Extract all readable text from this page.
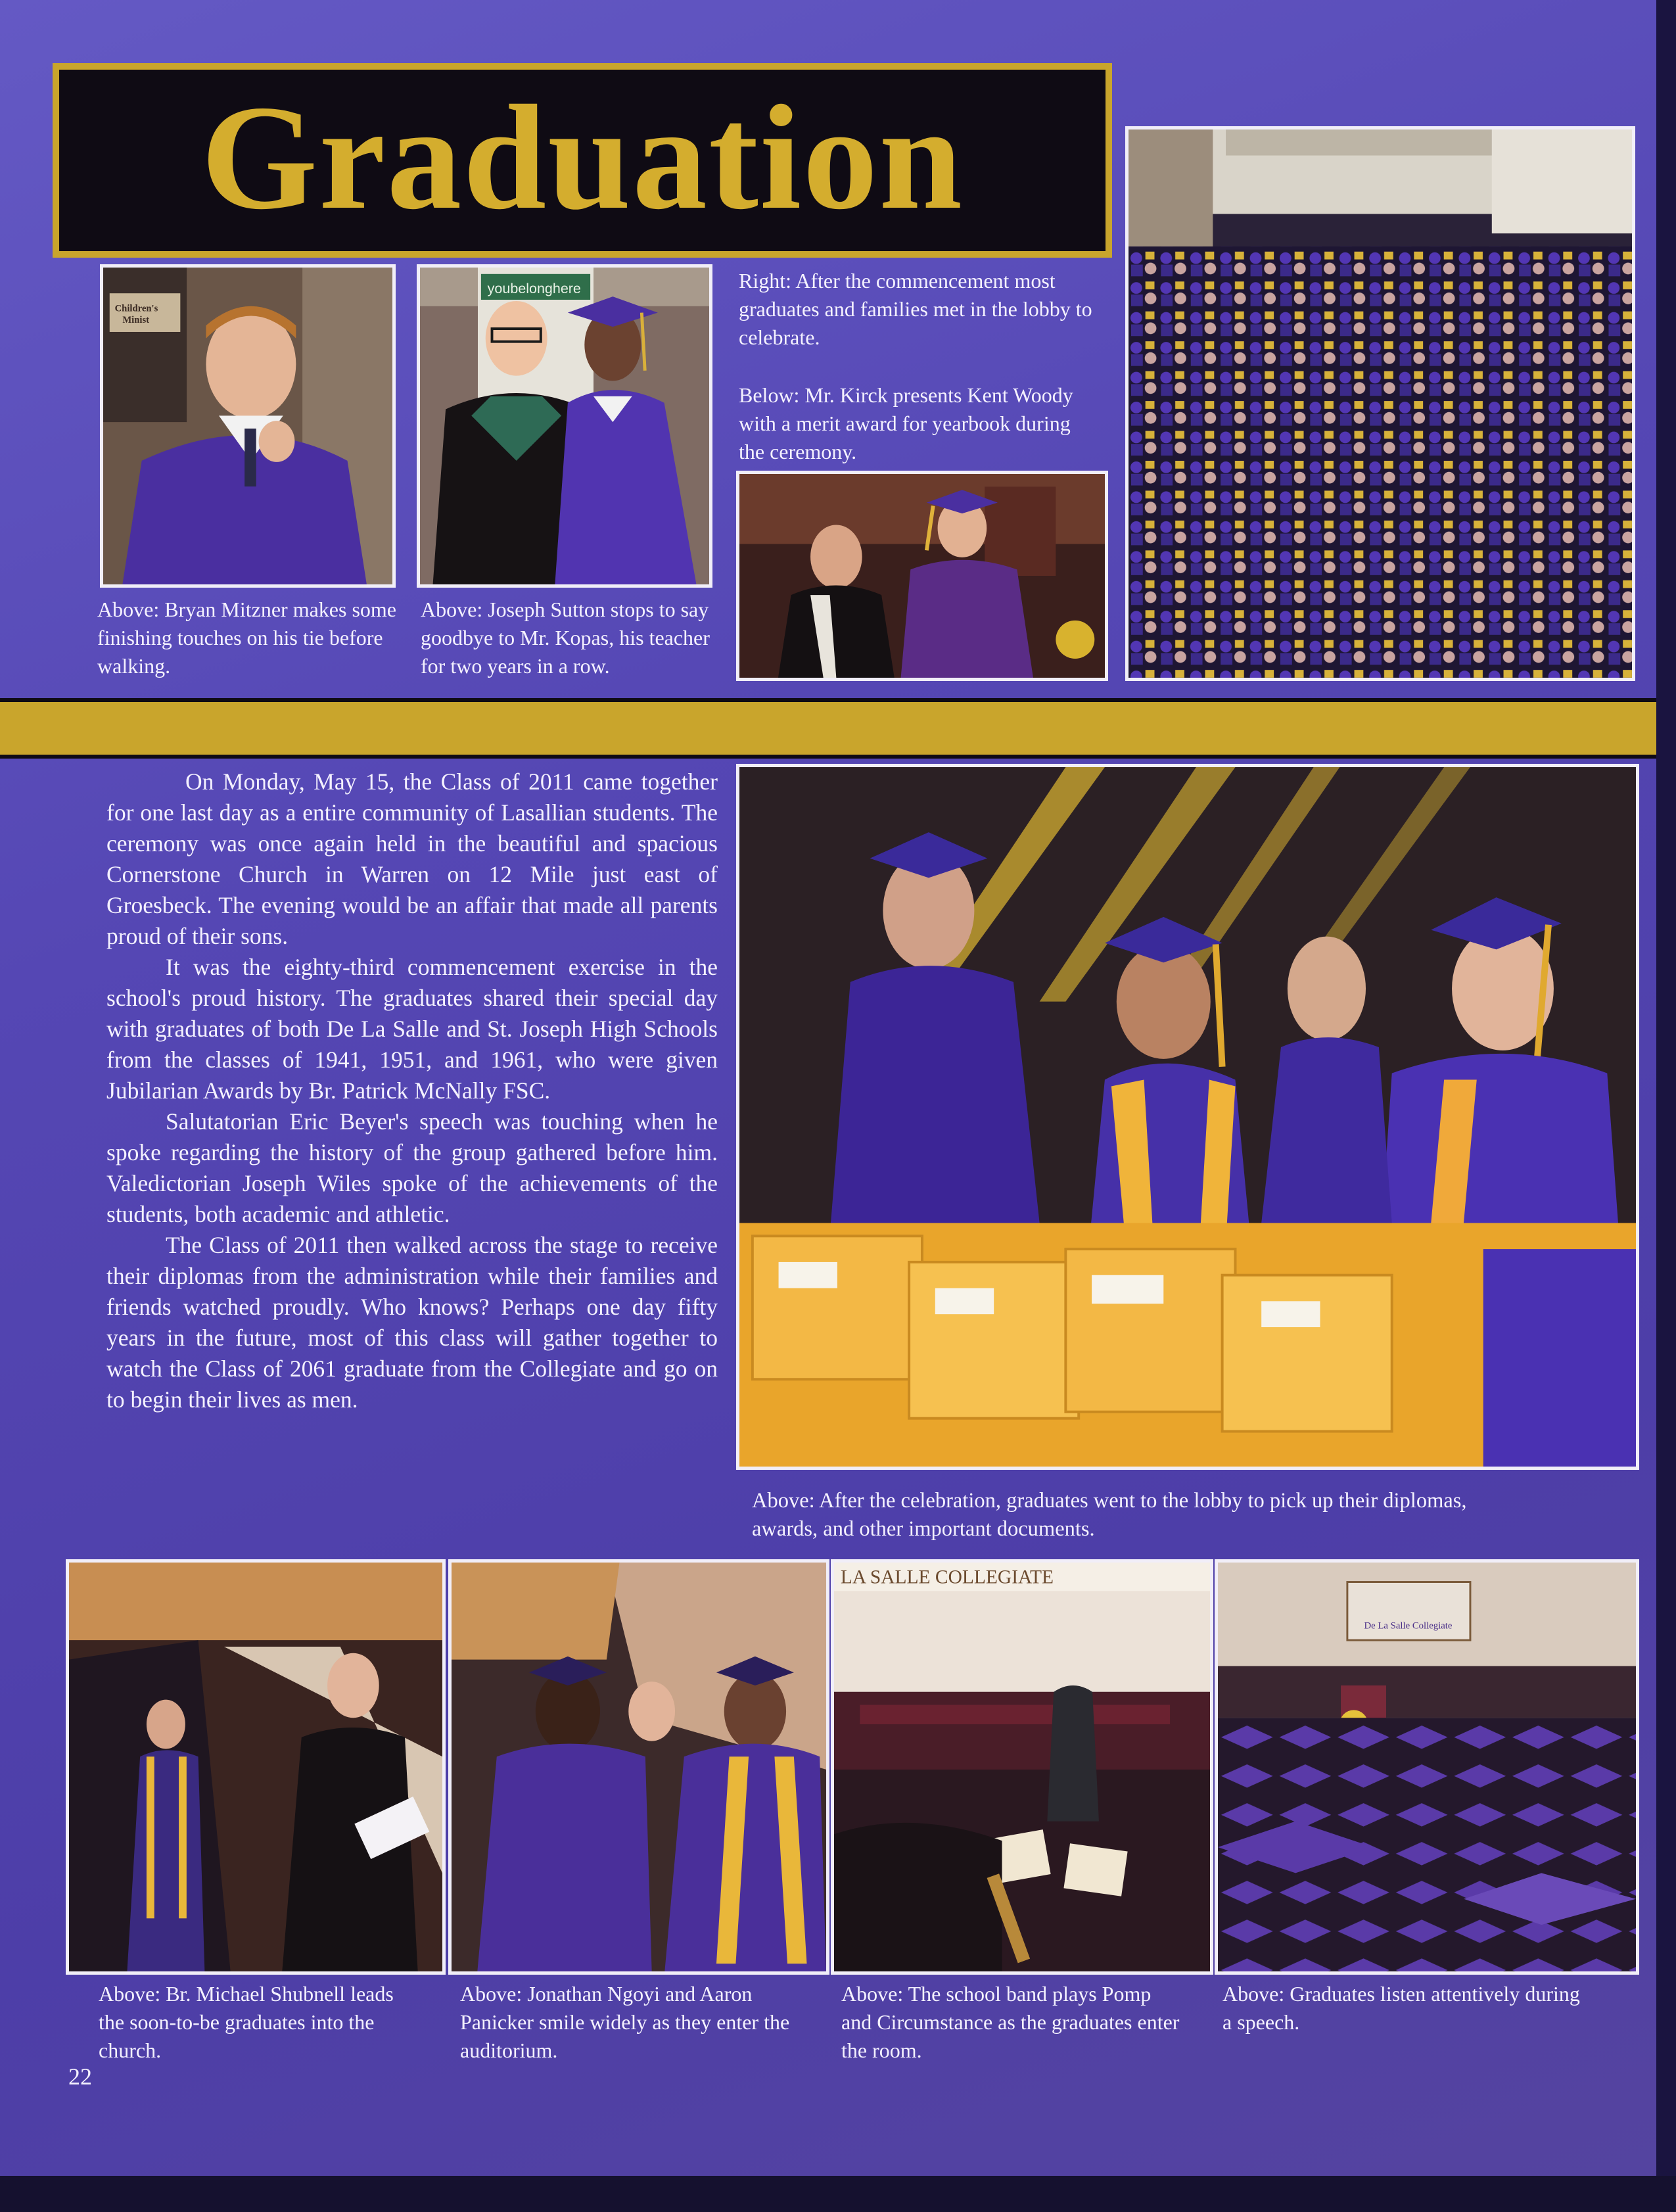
Graduation
Children's
Minist
Above: Bryan Mitzner makes some finishing touches on his tie before walking.
youbelonghere
Above: Joseph Sutton stops to say goodbye to Mr. Kopas, his teacher for two years in a row.
Right: After the commencement most graduates and families met in the lobby to celebrate.
Below: Mr. Kirck presents Kent Woody with a merit award for yearbook during the ceremony.

On Monday, May 15, the Class of 2011 came together for one last day as a entire community of Lasallian students. The ceremony was once again held in the beautiful and spacious Cornerstone Church in Warren on 12 Mile just east of Groesbeck. The evening would be an affair that made all parents proud of their sons.

It was the eighty-third commencement exercise in the school's proud history. The graduates shared their special day with graduates of both De La Salle and St. Joseph High Schools from the classes of 1941, 1951, and 1961, who were given Jubilarian Awards by Br. Patrick McNally FSC.

Salutatorian Eric Beyer's speech was touching when he spoke regarding the history of the group gathered before him. Valedictorian Joseph Wiles spoke of the achievements of the students, both academic and athletic.

The Class of 2011 then walked across the stage to receive their diplomas from the administration while their families and friends watched proudly. Who knows? Perhaps one day fifty years in the future, most of this class will gather together to watch the Class of 2061 graduate from the Collegiate and go on to begin their lives as men.

Above: After the celebration, graduates went to the lobby to pick up their diplomas, awards, and other important documents.
LA SALLE COLLEGIATE
De La Salle Collegiate
Above: Br. Michael Shubnell leads the soon-to-be graduates into the church.
Above: Jonathan Ngoyi and Aaron Panicker smile widely as they enter the auditorium.
Above: The school band plays Pomp and Circumstance as the graduates enter the room.
Above: Graduates listen attentively during a speech.
22
